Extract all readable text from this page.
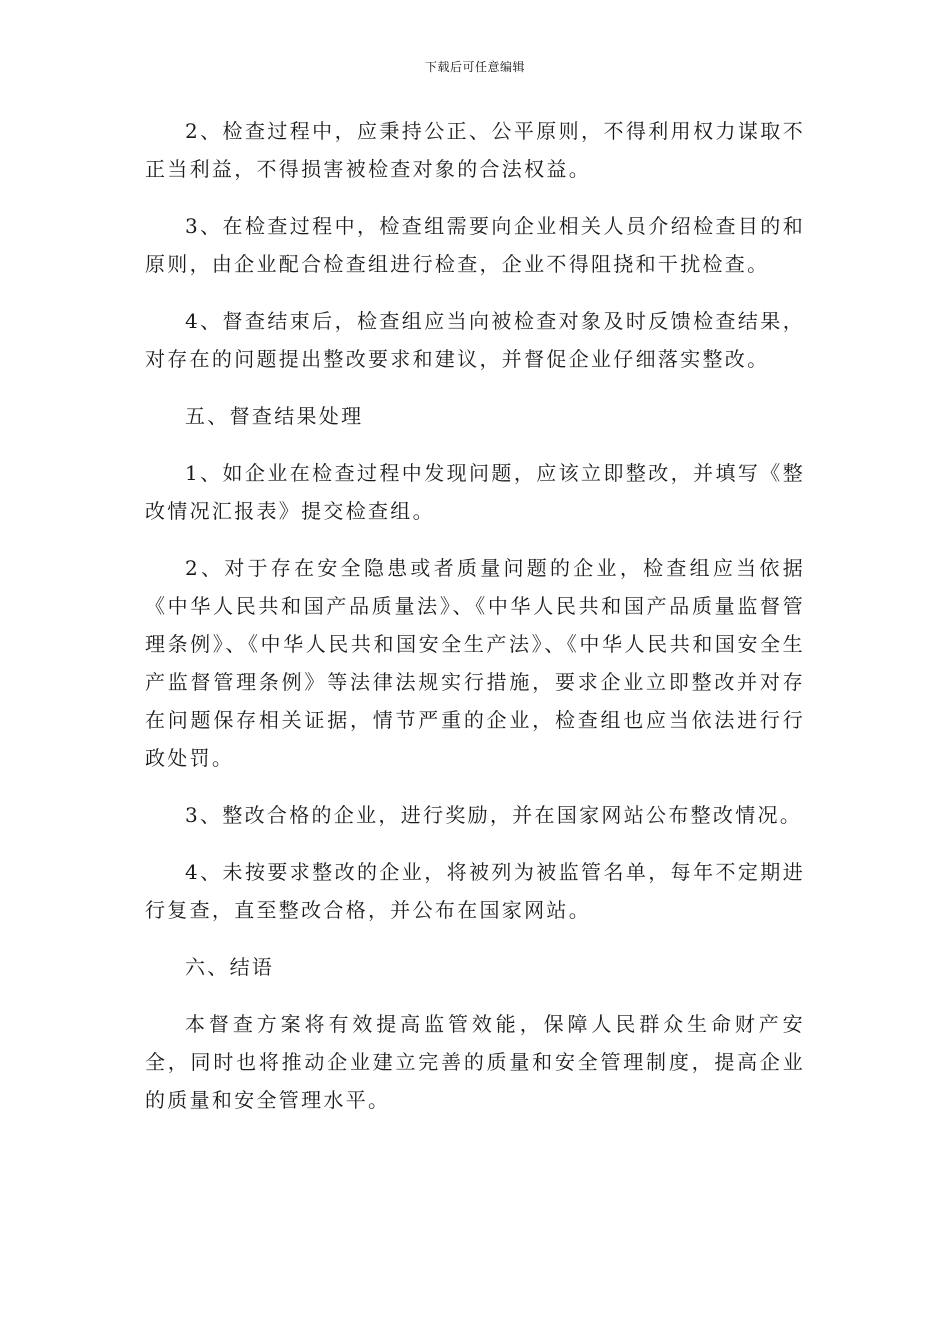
下载后可任意编辑

2、检查过程中，应秉持公正、公平原则，不得利用权力谋取不正当利益，不得损害被检查对象的合法权益。

3、在检查过程中，检查组需要向企业相关人员介绍检查目的和原则，由企业配合检查组进行检查，企业不得阻挠和干扰检查。

4、督查结束后，检查组应当向被检查对象及时反馈检查结果，对存在的问题提出整改要求和建议，并督促企业仔细落实整改。

五、督查结果处理

1、如企业在检查过程中发现问题，应该立即整改，并填写《整改情况汇报表》提交检查组。

2、对于存在安全隐患或者质量问题的企业，检查组应当依据《中华人民共和国产品质量法》、《中华人民共和国产品质量监督管理条例》、《中华人民共和国安全生产法》、《中华人民共和国安全生产监督管理条例》等法律法规实行措施，要求企业立即整改并对存在问题保存相关证据，情节严重的企业，检查组也应当依法进行行政处罚。

3、整改合格的企业，进行奖励，并在国家网站公布整改情况。

4、未按要求整改的企业，将被列为被监管名单，每年不定期进行复查，直至整改合格，并公布在国家网站。

六、结语

本督查方案将有效提高监管效能，保障人民群众生命财产安全，同时也将推动企业建立完善的质量和安全管理制度，提高企业的质量和安全管理水平。
